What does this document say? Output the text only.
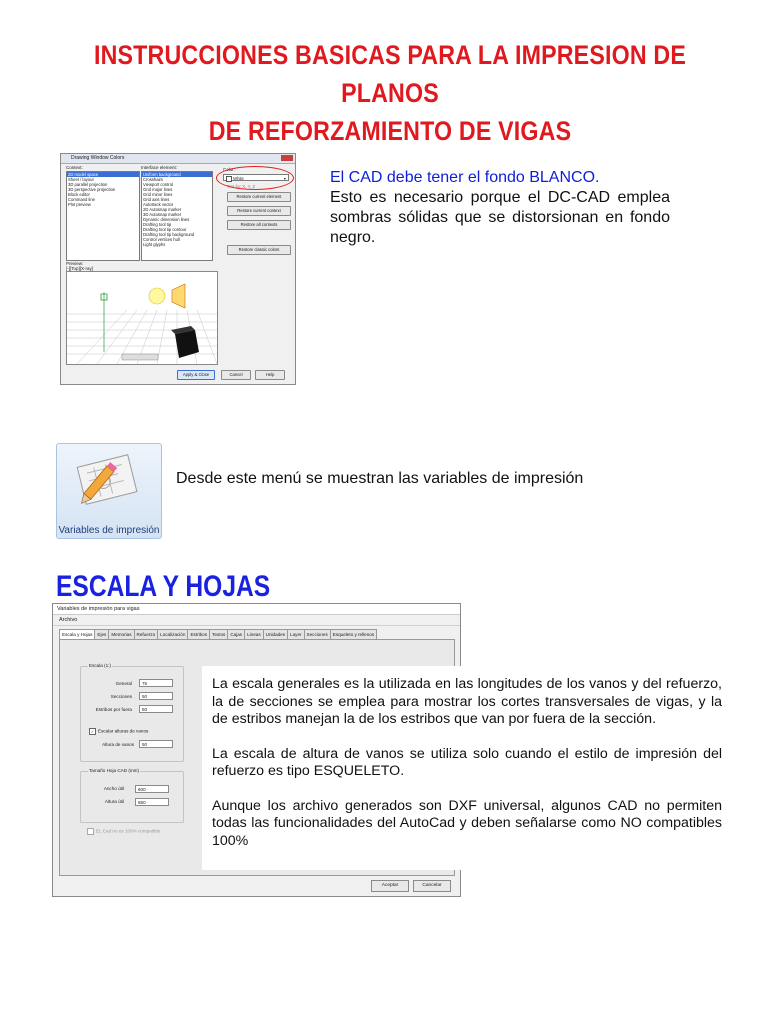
INSTRUCCIONES BASICAS PARA LA IMPRESION DE PLANOS
DE REFORZAMIENTO DE VIGAS
Drawing Window Colors
Context:
2D model space
Sheet / layout
3D parallel projection
3D perspective projection
Block editor
Command line
Plot preview
Interface element:
Uniform background
Crosshairs
Viewport control
Grid major lines
Grid minor lines
Grid axis lines
Autotrack vector
2D Autosnap marker
3D Autosnap marker
Dynamic dimension lines
Drafting tool tip
Drafting tool tip contour
Drafting tool tip background
Control vertices hull
Light glyphs
Color:
White	▾
Tint for X, Y, Z
Restore current element
Restore current context
Restore all contexts
Restore classic colors
Preview:
[-][Top][X-ray]
Apply & Close	Cancel	Help
El CAD debe tener el fondo BLANCO.
Esto es necesario porque el DC-CAD emplea sombras sólidas que se distorsionan en fondo negro.
Variables de impresión
Desde este menú se muestran las variables de impresión
ESCALA Y HOJAS
Variables de impresión para vigas
Archivo
Escala y Hojas	Ejes	Memorias	Refuerzo	Localización	Estribos	Textos	Cajas	Lineas	Unidades	Layer	Secciones	Esqueleto y rellenos
Escala (1:)
General	75
Secciones	50
Estribos por fuera	50
✓ Escalar alturas de vanos
Altura de vanos	50
Tamaño Hoja CAD (mm)
Ancho útil	600
Altura útil	650
EL Cad no es 100% compatible
Aceptar	Cancelar

La escala generales es la utilizada en las longitudes de los vanos y del refuerzo, la de secciones se emplea para mostrar los cortes transversales de vigas, y la de estribos manejan la de los estribos que van por fuera de la sección.

La escala de altura de vanos se utiliza solo cuando el estilo de impresión del refuerzo es tipo ESQUELETO.

Aunque los archivo generados son DXF universal, algunos CAD no permiten todas las funcionalidades del AutoCad y deben señalarse como NO compatibles 100%
